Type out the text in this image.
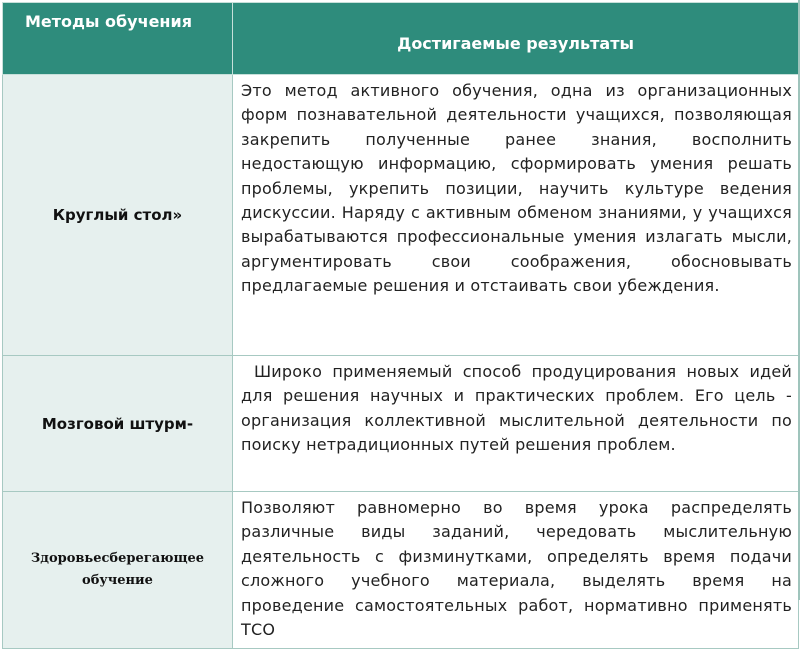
Методы обучения	Достигаемые результаты
Круглый стол»	Это метод активного обучения, одна из организационных форм познавательной деятельности учащихся, позволяющая закрепить полученные ранее знания, восполнить недостающую информацию, сформировать умения решать проблемы, укрепить позиции, научить культуре ведения дискуссии. Наряду с активным обменом знаниями, у учащихся вырабатываются профессиональные умения излагать мысли, аргументировать свои соображения, обосновывать предлагаемые решения и отстаивать свои убеждения.
Мозговой штурм-	Широко применяемый способ продуцирования новых идей для решения научных и практических проблем. Его цель - организация коллективной мыслительной деятельности по поиску нетрадиционных путей решения проблем.
Здоровьесберегающее обучение	Позволяют равномерно во время урока распределять различные виды заданий, чередовать мыслительную деятельность с физминутками, определять время подачи сложного учебного материала, выделять время на проведение самостоятельных работ, нормативно применять ТСО
